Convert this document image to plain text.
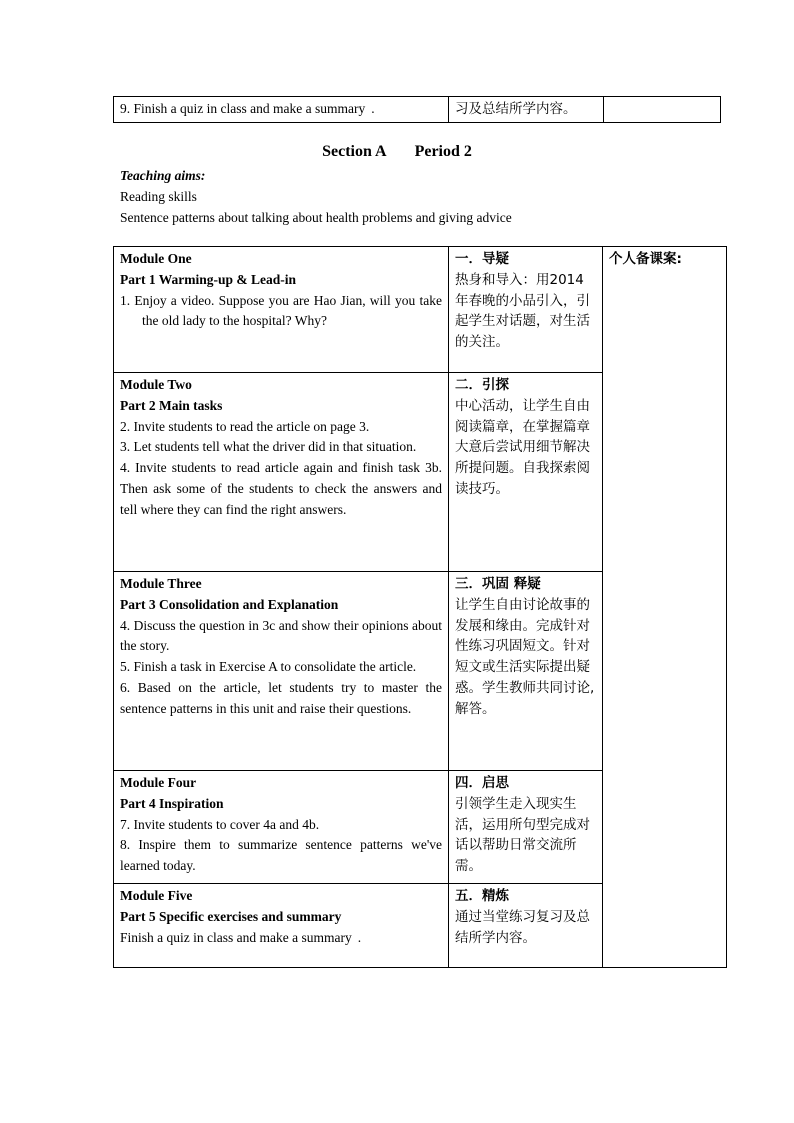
9. Finish a quiz in class and make a summary  .	习及总结所学内容。	
Section A Period 2
Teaching aims:
Reading skills
Sentence patterns about talking about health problems and giving advice
Module One
Part 1 Warming-up & Lead-in
1. Enjoy a video. Suppose you are Hao Jian, will you take the old lady to the hospital? Why?	一．导疑
热身和导入：用2014年春晚的小品引入，引起学生对话题，对生活的关注。	个人备课案:

Module Two
Part 2 Main tasks
2. Invite students to read the article on page 3.
3. Let students tell what the driver did in that situation.
4. Invite students to read article again and finish task 3b. Then ask some of the students to check the answers and tell where they can find the right answers.	二．引探
中心活动，让学生自由阅读篇章，在掌握篇章大意后尝试用细节解决所提问题。自我探索阅读技巧。	

Module Three
Part 3 Consolidation and Explanation
4. Discuss the question in 3c and show their opinions about the story.
5. Finish a task in Exercise A to consolidate the article.
6. Based on the article, let students try to master the sentence patterns in this unit and raise their questions.	三．巩固 释疑
让学生自由讨论故事的发展和缘由。完成针对性练习巩固短文。针对短文或生活实际提出疑惑。学生教师共同讨论,解答。	

Module Four
Part 4 Inspiration
7. Invite students to cover 4a and 4b.
8. Inspire them to summarize sentence patterns we've learned today.	四．启思
引领学生走入现实生活，运用所句型完成对话以帮助日常交流所需。	

Module Five
Part 5 Specific exercises and summary
Finish a quiz in class and make a summary  .	五．精炼
通过当堂练习复习及总结所学内容。	
